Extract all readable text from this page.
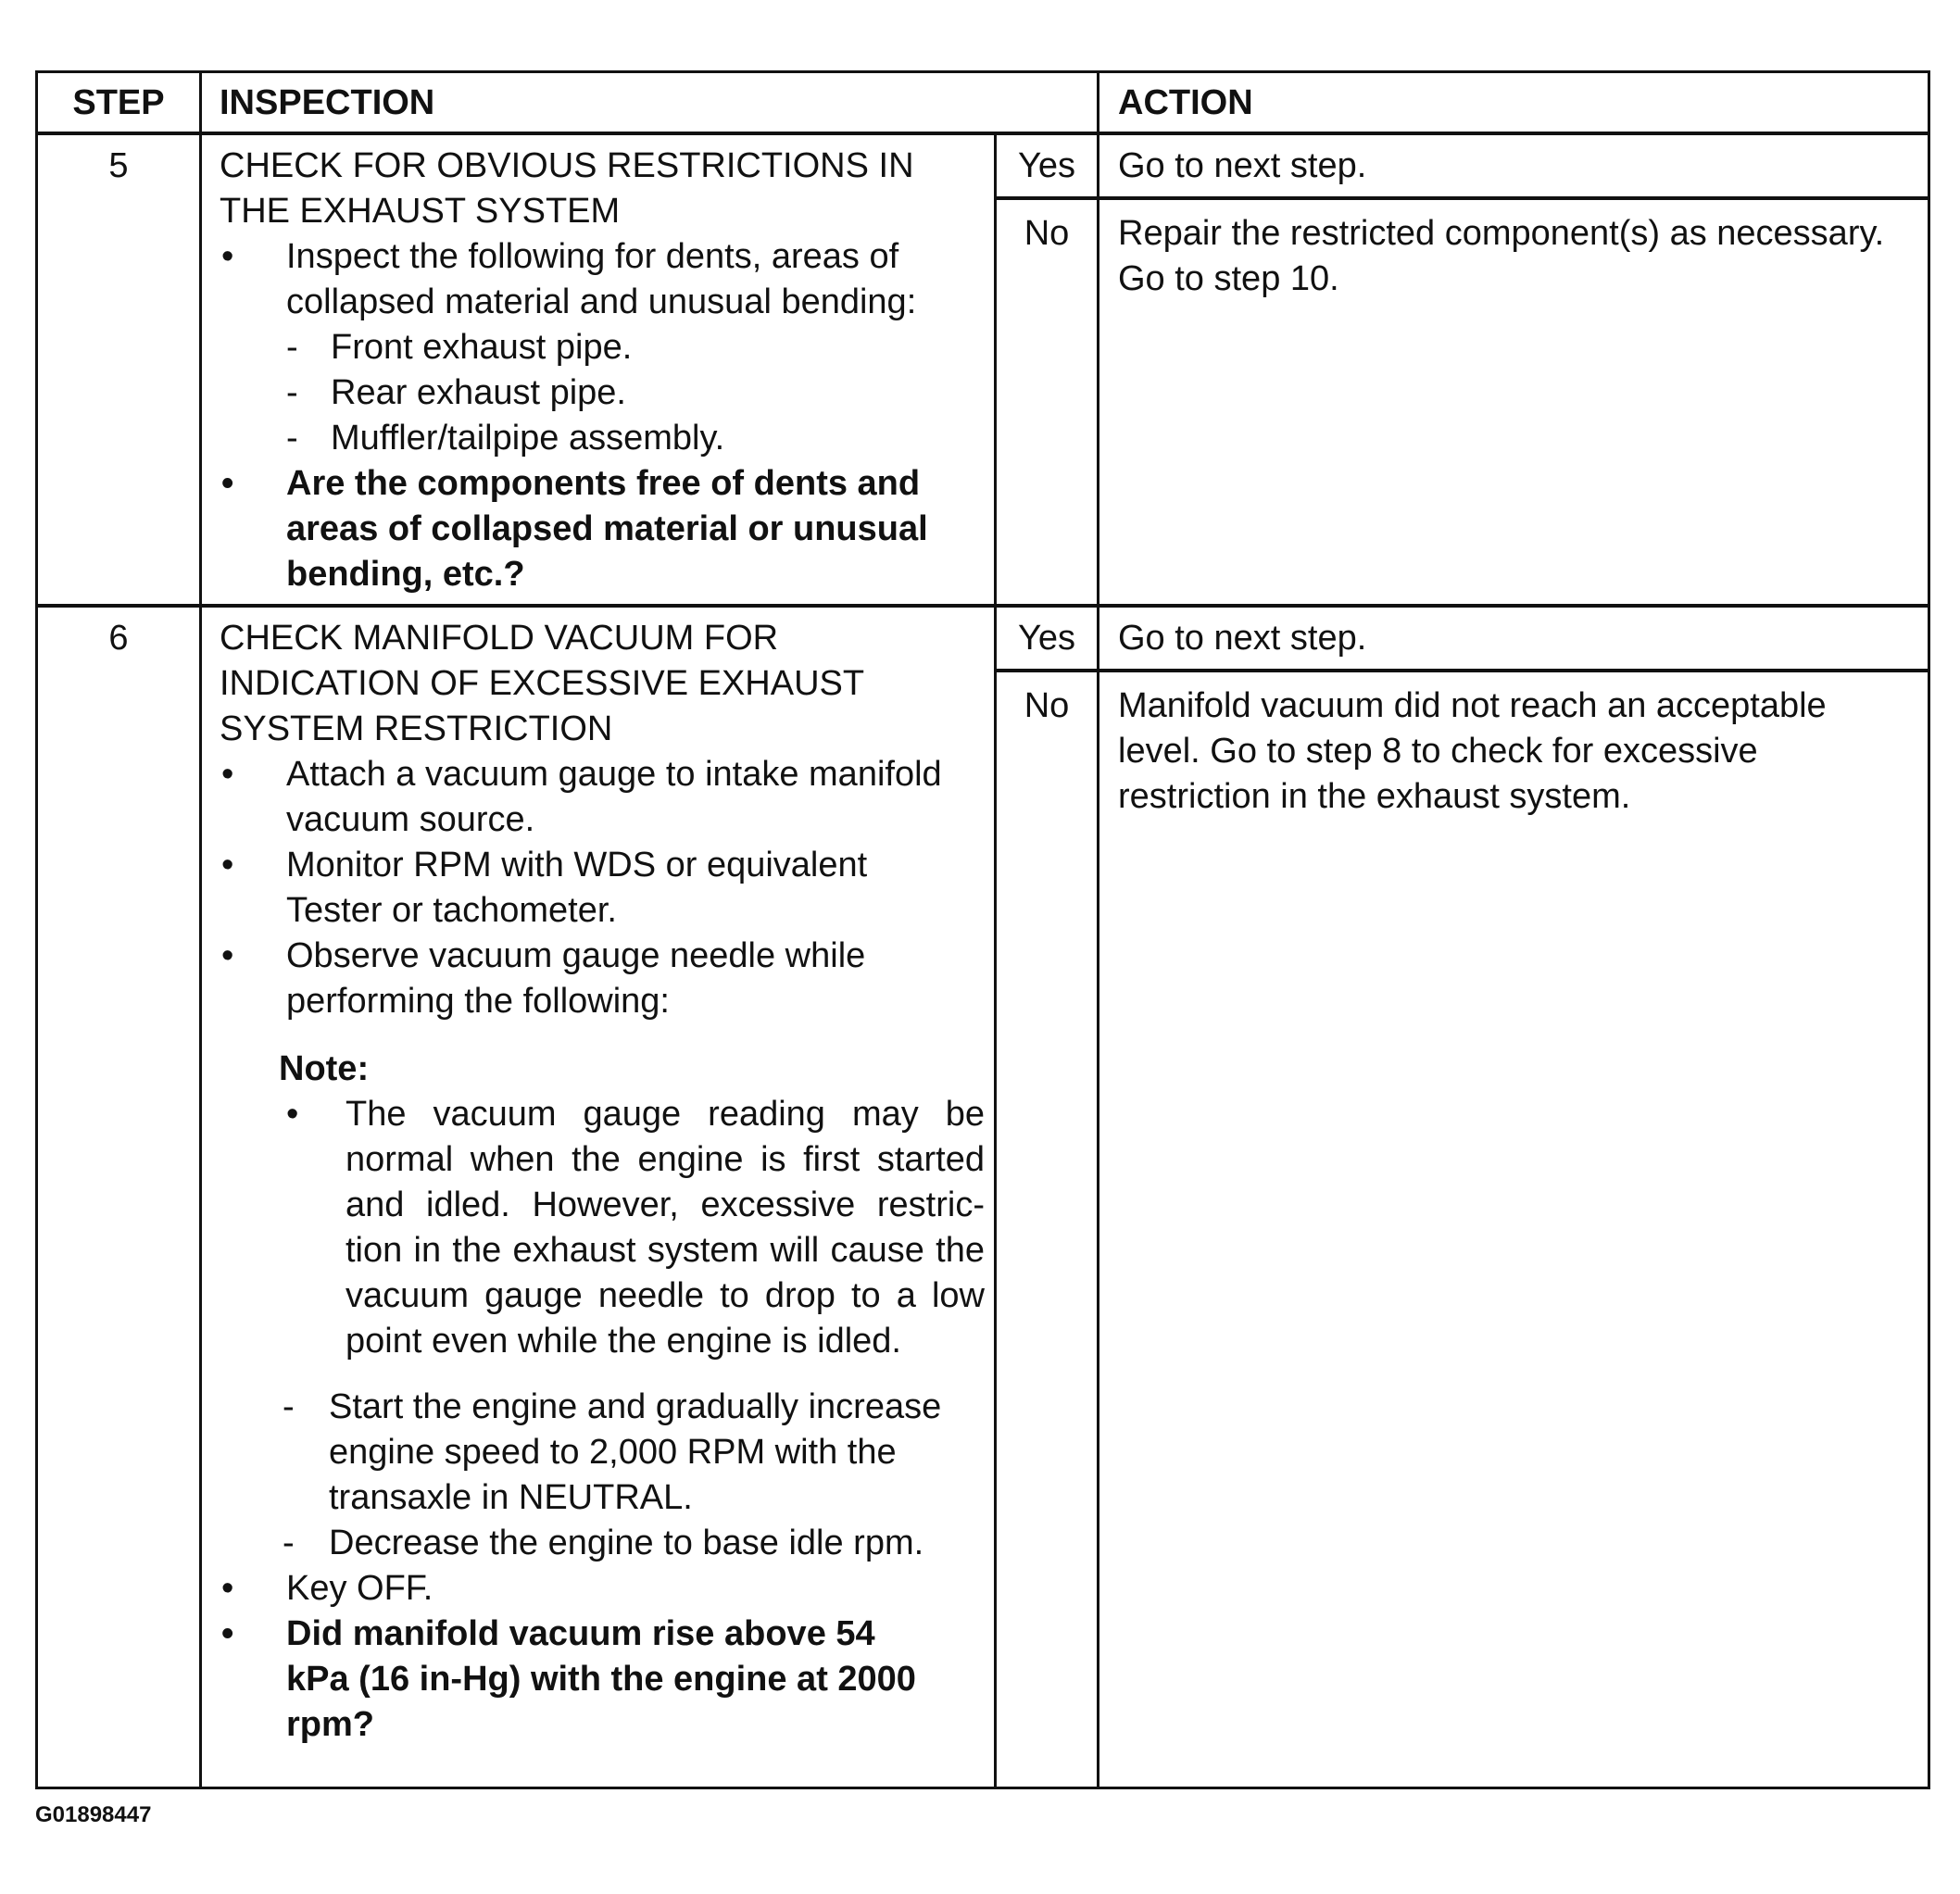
STEP	INSPECTION	ACTION
5	CHECK FOR OBVIOUS RESTRICTIONS IN
THE EXHAUST SYSTEM
• Inspect the following for dents, areas of
collapsed material and unusual bending:
- Front exhaust pipe.
- Rear exhaust pipe.
- Muffler/tailpipe assembly.
• Are the components free of dents and
areas of collapsed material or unusual
bending, etc.?
Yes	Go to next step.
No	Repair the restricted component(s) as necessary.
Go to step 10.
6	CHECK MANIFOLD VACUUM FOR
INDICATION OF EXCESSIVE EXHAUST
SYSTEM RESTRICTION
• Attach a vacuum gauge to intake manifold
vacuum source.
• Monitor RPM with WDS or equivalent
Tester or tachometer.
• Observe vacuum gauge needle while
performing the following:
Note:
• The vacuum gauge reading may be normal when the engine is first started and idled. However, excessive restric-tion in the exhaust system will cause the vacuum gauge needle to drop to a low point even while the engine is idled.
- Start the engine and gradually increase
engine speed to 2,000 RPM with the
transaxle in NEUTRAL.
- Decrease the engine to base idle rpm.
• Key OFF.
• Did manifold vacuum rise above 54
kPa (16 in-Hg) with the engine at 2000
rpm?
Yes	Go to next step.
No	Manifold vacuum did not reach an acceptable
level. Go to step 8 to check for excessive
restriction in the exhaust system.
G01898447
